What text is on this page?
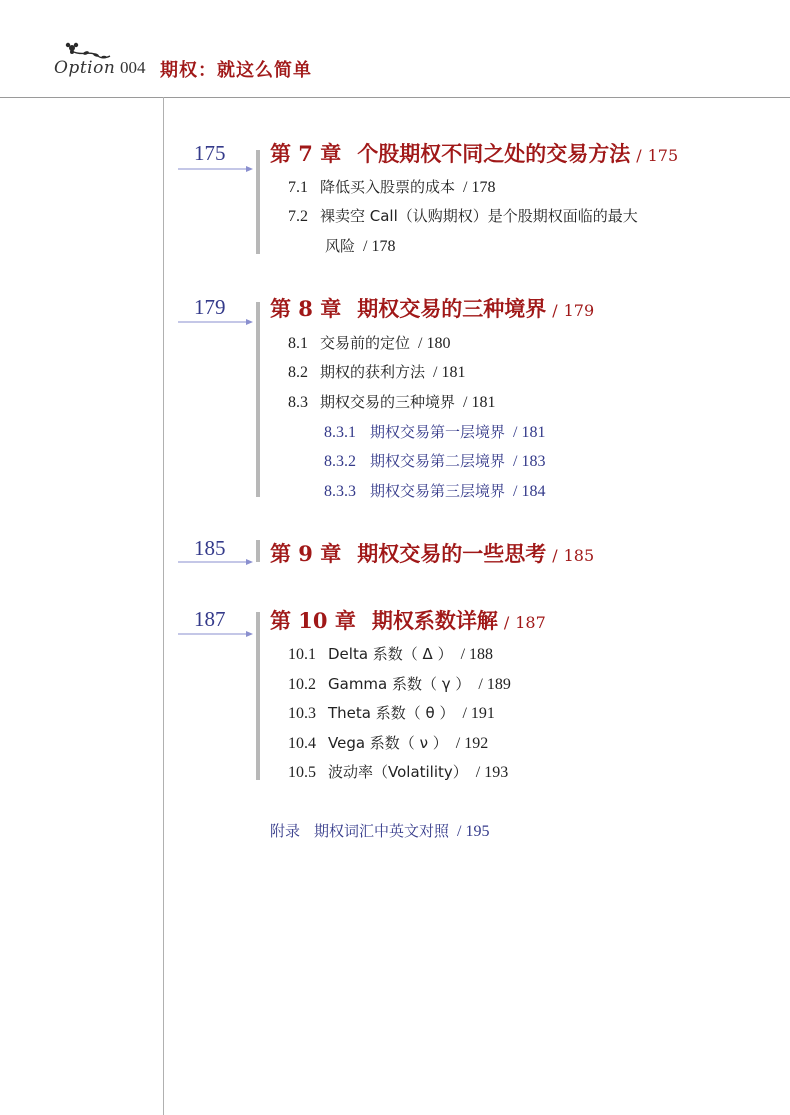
Option 004 期权：就这么简单
175 第 7 章 个股期权不同之处的交易方法 / 175
7.1 降低买入股票的成本 / 178
7.2 裸卖空 Call（认购期权）是个股期权面临的最大
风险 / 178
179 第 8 章 期权交易的三种境界 / 179
8.1 交易前的定位 / 180
8.2 期权的获利方法 / 181
8.3 期权交易的三种境界 / 181
8.3.1 期权交易第一层境界 / 181
8.3.2 期权交易第二层境界 / 183
8.3.3 期权交易第三层境界 / 184
185 第 9 章 期权交易的一些思考 / 185
187 第 10 章 期权系数详解 / 187
10.1 Delta 系数（ Δ ） / 188
10.2 Gamma 系数（ γ ） / 189
10.3 Theta 系数（ θ ） / 191
10.4 Vega 系数（ ν ） / 192
10.5 波动率（Volatility） / 193
附录 期权词汇中英文对照 / 195
